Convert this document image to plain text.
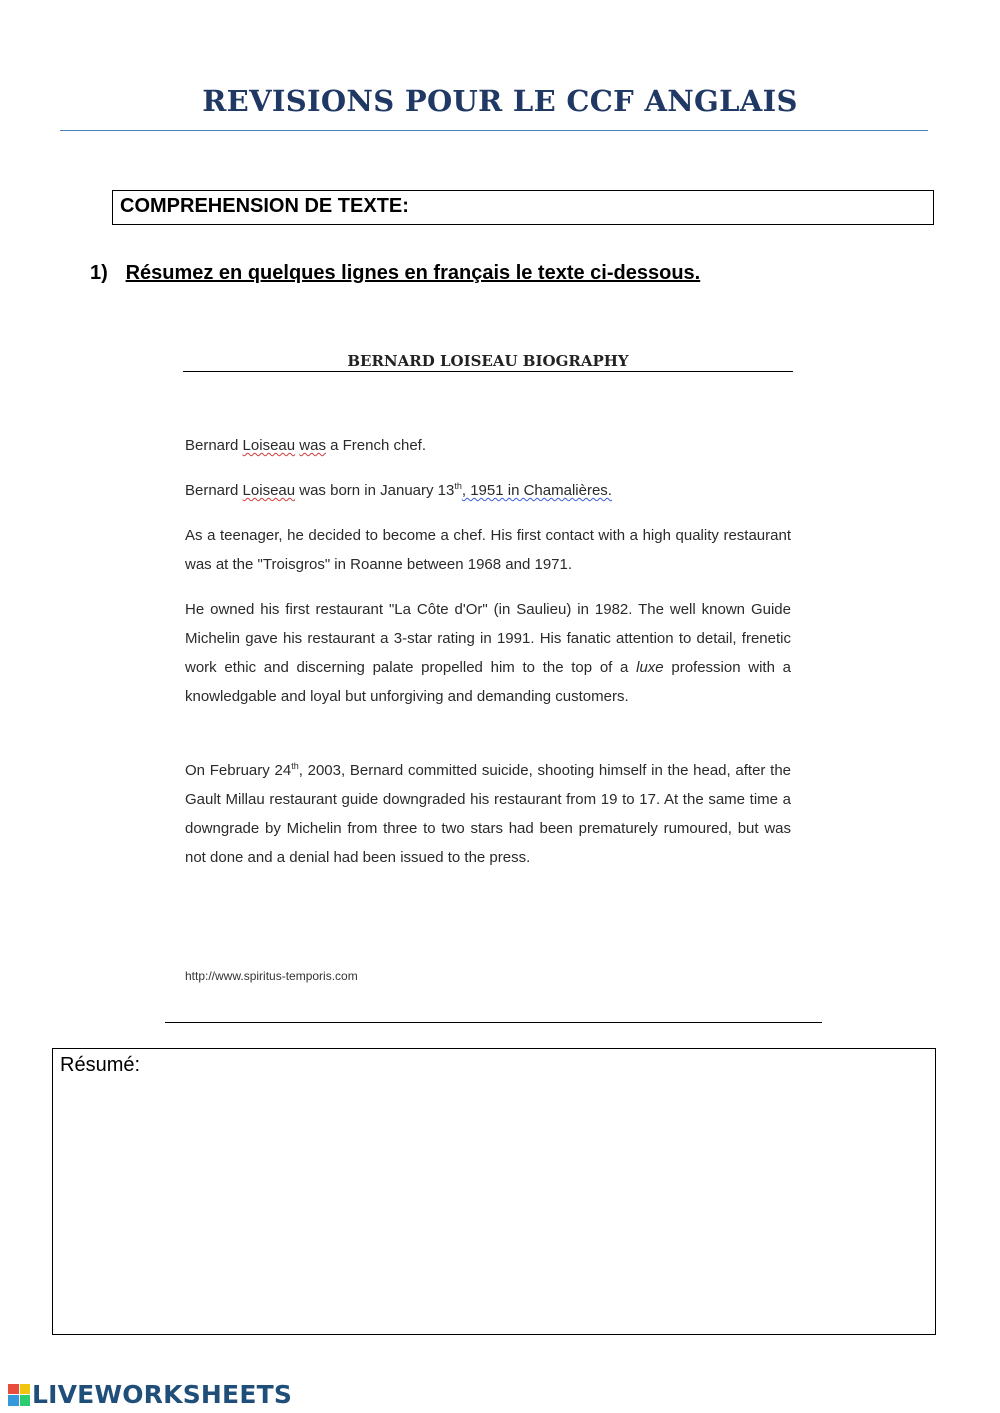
REVISIONS POUR LE CCF ANGLAIS
COMPREHENSION DE TEXTE:
1) Résumez en quelques lignes en français le texte ci-dessous.
BERNARD LOISEAU BIOGRAPHY

Bernard Loiseau was a French chef.

Bernard Loiseau was born in January 13th, 1951 in Chamalières.

As a teenager, he decided to become a chef. His first contact with a high quality restaurant was at the "Troisgros" in Roanne between 1968 and 1971.

He owned his first restaurant "La Côte d'Or" (in Saulieu) in 1982. The well known Guide Michelin gave his restaurant a 3-star rating in 1991. His fanatic attention to detail, frenetic work ethic and discerning palate propelled him to the top of a luxe profession with a knowledgable and loyal but unforgiving and demanding customers.

On February 24th, 2003, Bernard committed suicide, shooting himself in the head, after the Gault Millau restaurant guide downgraded his restaurant from 19 to 17. At the same time a downgrade by Michelin from three to two stars had been prematurely rumoured, but was not done and a denial had been issued to the press.

http://www.spiritus-temporis.com
Résumé:
LIVEWORKSHEETS
